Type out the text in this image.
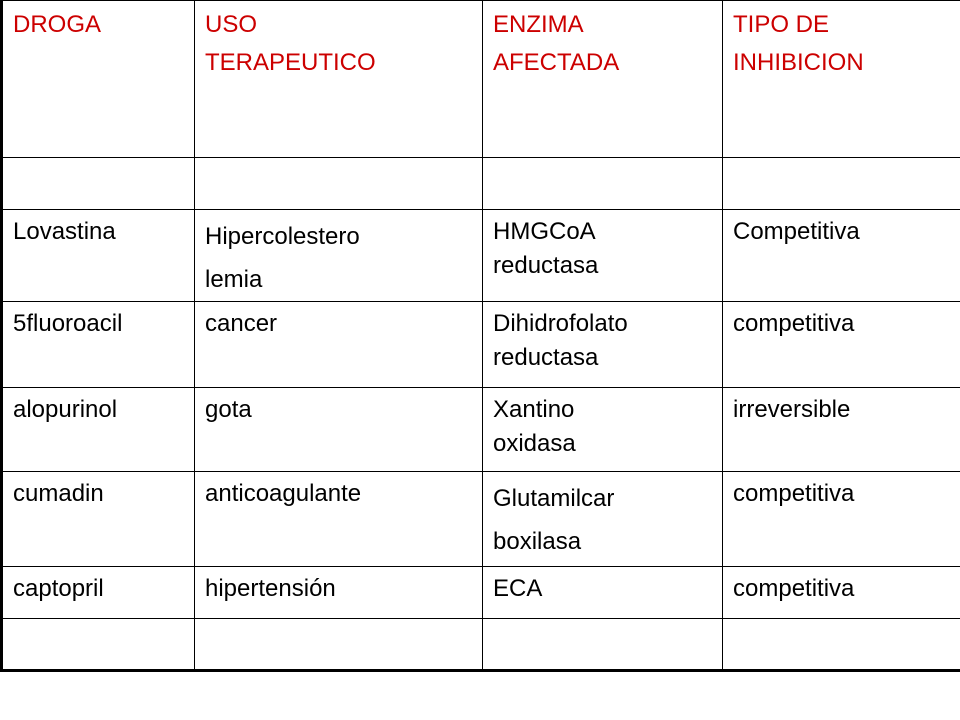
DROGA	USO TERAPEUTICO	ENZIMA AFECTADA	TIPO DE INHIBICION

Lovastina	Hipercolestero lemia	HMGCoA reductasa	Competitiva

5fluoroacil	cancer	Dihidrofolato reductasa	competitiva

alopurinol	gota	Xantino oxidasa	irreversible

cumadin	anticoagulante	Glutamilcar boxilasa	competitiva

captopril	hipertensión	ECA	competitiva
